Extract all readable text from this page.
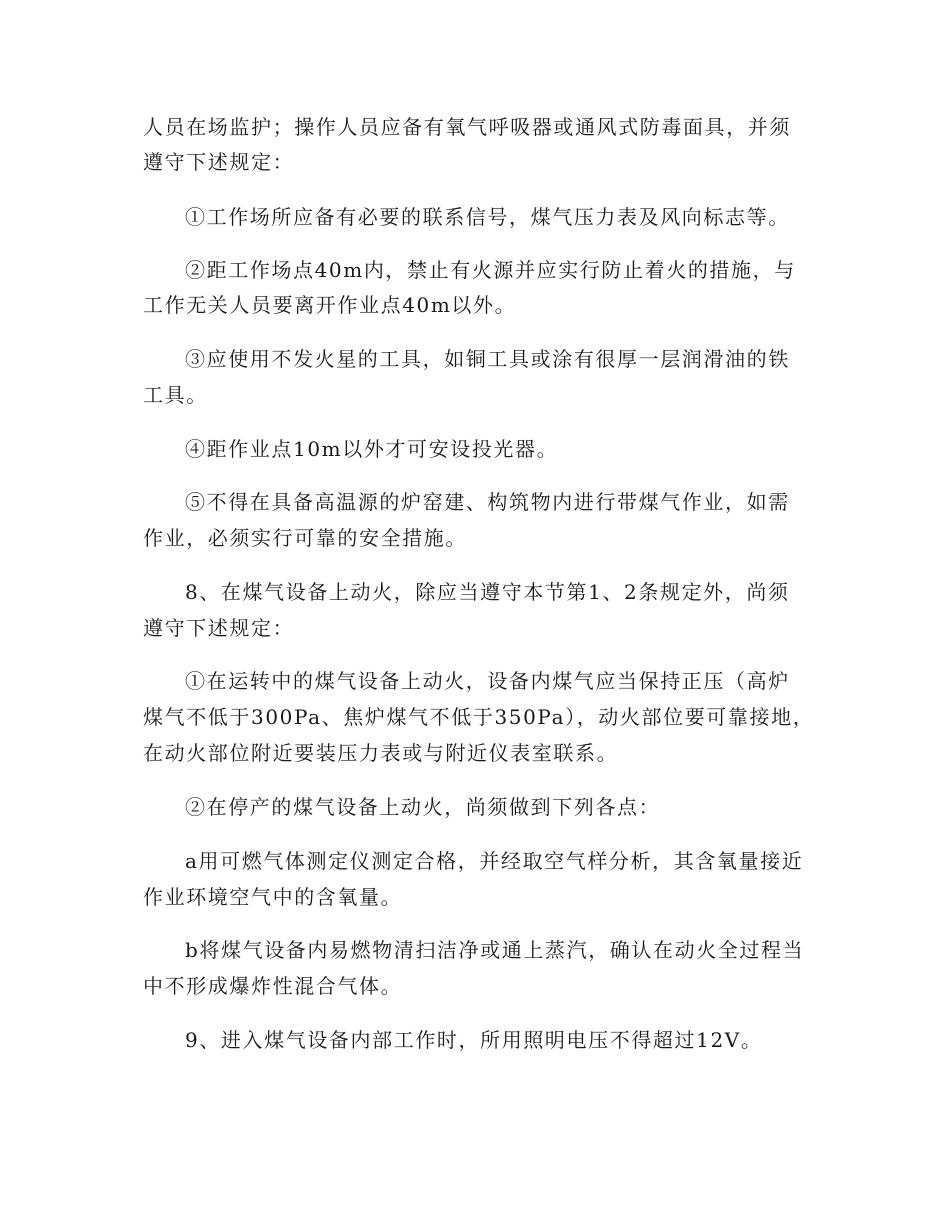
人员在场监护；操作人员应备有氧气呼吸器或通风式防毒面具，并须
遵守下述规定：
①工作场所应备有必要的联系信号，煤气压力表及风向标志等。
②距工作场点40m内，禁止有火源并应实行防止着火的措施，与
工作无关人员要离开作业点40m以外。
③应使用不发火星的工具，如铜工具或涂有很厚一层润滑油的铁
工具。
④距作业点10m以外才可安设投光器。
⑤不得在具备高温源的炉窑建、构筑物内进行带煤气作业，如需
作业，必须实行可靠的安全措施。
8、在煤气设备上动火，除应当遵守本节第1、2条规定外，尚须
遵守下述规定：
①在运转中的煤气设备上动火，设备内煤气应当保持正压（高炉
煤气不低于300Pa、焦炉煤气不低于350Pa），动火部位要可靠接地，
在动火部位附近要装压力表或与附近仪表室联系。
②在停产的煤气设备上动火，尚须做到下列各点：
a用可燃气体测定仪测定合格，并经取空气样分析，其含氧量接近
作业环境空气中的含氧量。
b将煤气设备内易燃物清扫洁净或通上蒸汽，确认在动火全过程当
中不形成爆炸性混合气体。
9、进入煤气设备内部工作时，所用照明电压不得超过12V。
